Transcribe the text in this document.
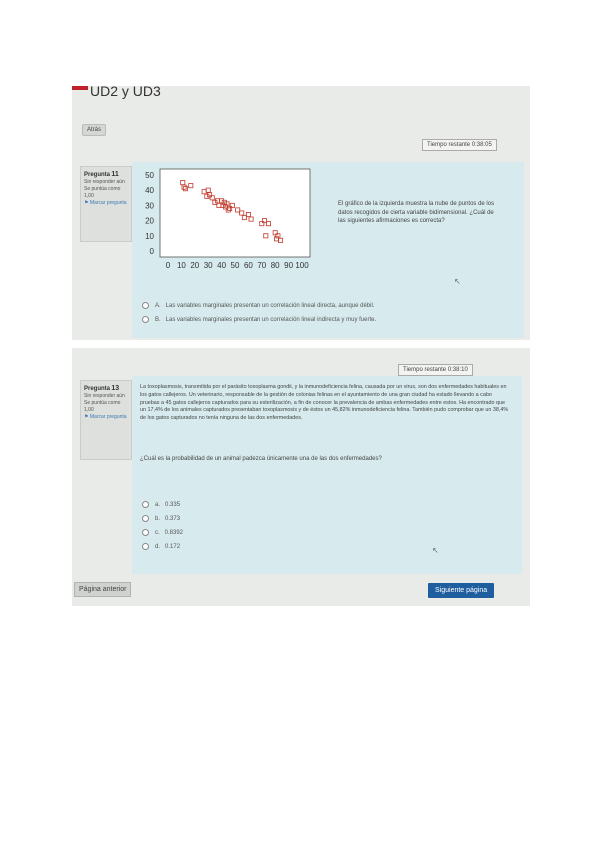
UD2 y UD3
Atrás
Tiempo restante 0:38:05
Pregunta 11
Sin responder aún
Se puntúa como 1,00
⚑ Marcar pregunta
0
10
20
30
40
50
0 10 20 30 40 50 60 70 80 90 100
El gráfico de la izquierda muestra la nube de puntos de los datos recogidos de cierta variable bidimensional. ¿Cuál de las siguientes afirmaciones es correcta?
A. Las variables marginales presentan un correlación lineal directa, aunque débil.
B. Las variables marginales presentan un correlación lineal indirecta y muy fuerte.
↖
Tiempo restante 0:38:10
Pregunta 13
Sin responder aún
Se puntúa como 1,00
⚑ Marcar pregunta
La toxoplasmosis, transmitida por el parásito toxoplasma gondii, y la inmunodeficiencia felina, causada por un virus, son dos enfermedades habituales en los gatos callejeros. Un veterinario, responsable de la gestión de colonias felinas en el ayuntamiento de una gran ciudad ha estado llevando a cabo pruebas a 45 gatos callejeros capturados para su esterilización, a fin de conocer la prevalencia de ambas enfermedades entre estos. Ha encontrado que un 17,4% de los animales capturados presentaban toxoplasmosis y de éstos un 45,82% inmunodeficiencia felina. También pudo comprobar que un 38,4% de los gatos capturados no tenía ninguna de las dos enfermedades.
¿Cuál es la probabilidad de un animal padezca únicamente una de las dos enfermedades?
a. 0.335
b. 0.373
c. 0.8392
d. 0.172	↖
Página anterior	Siguiente página
